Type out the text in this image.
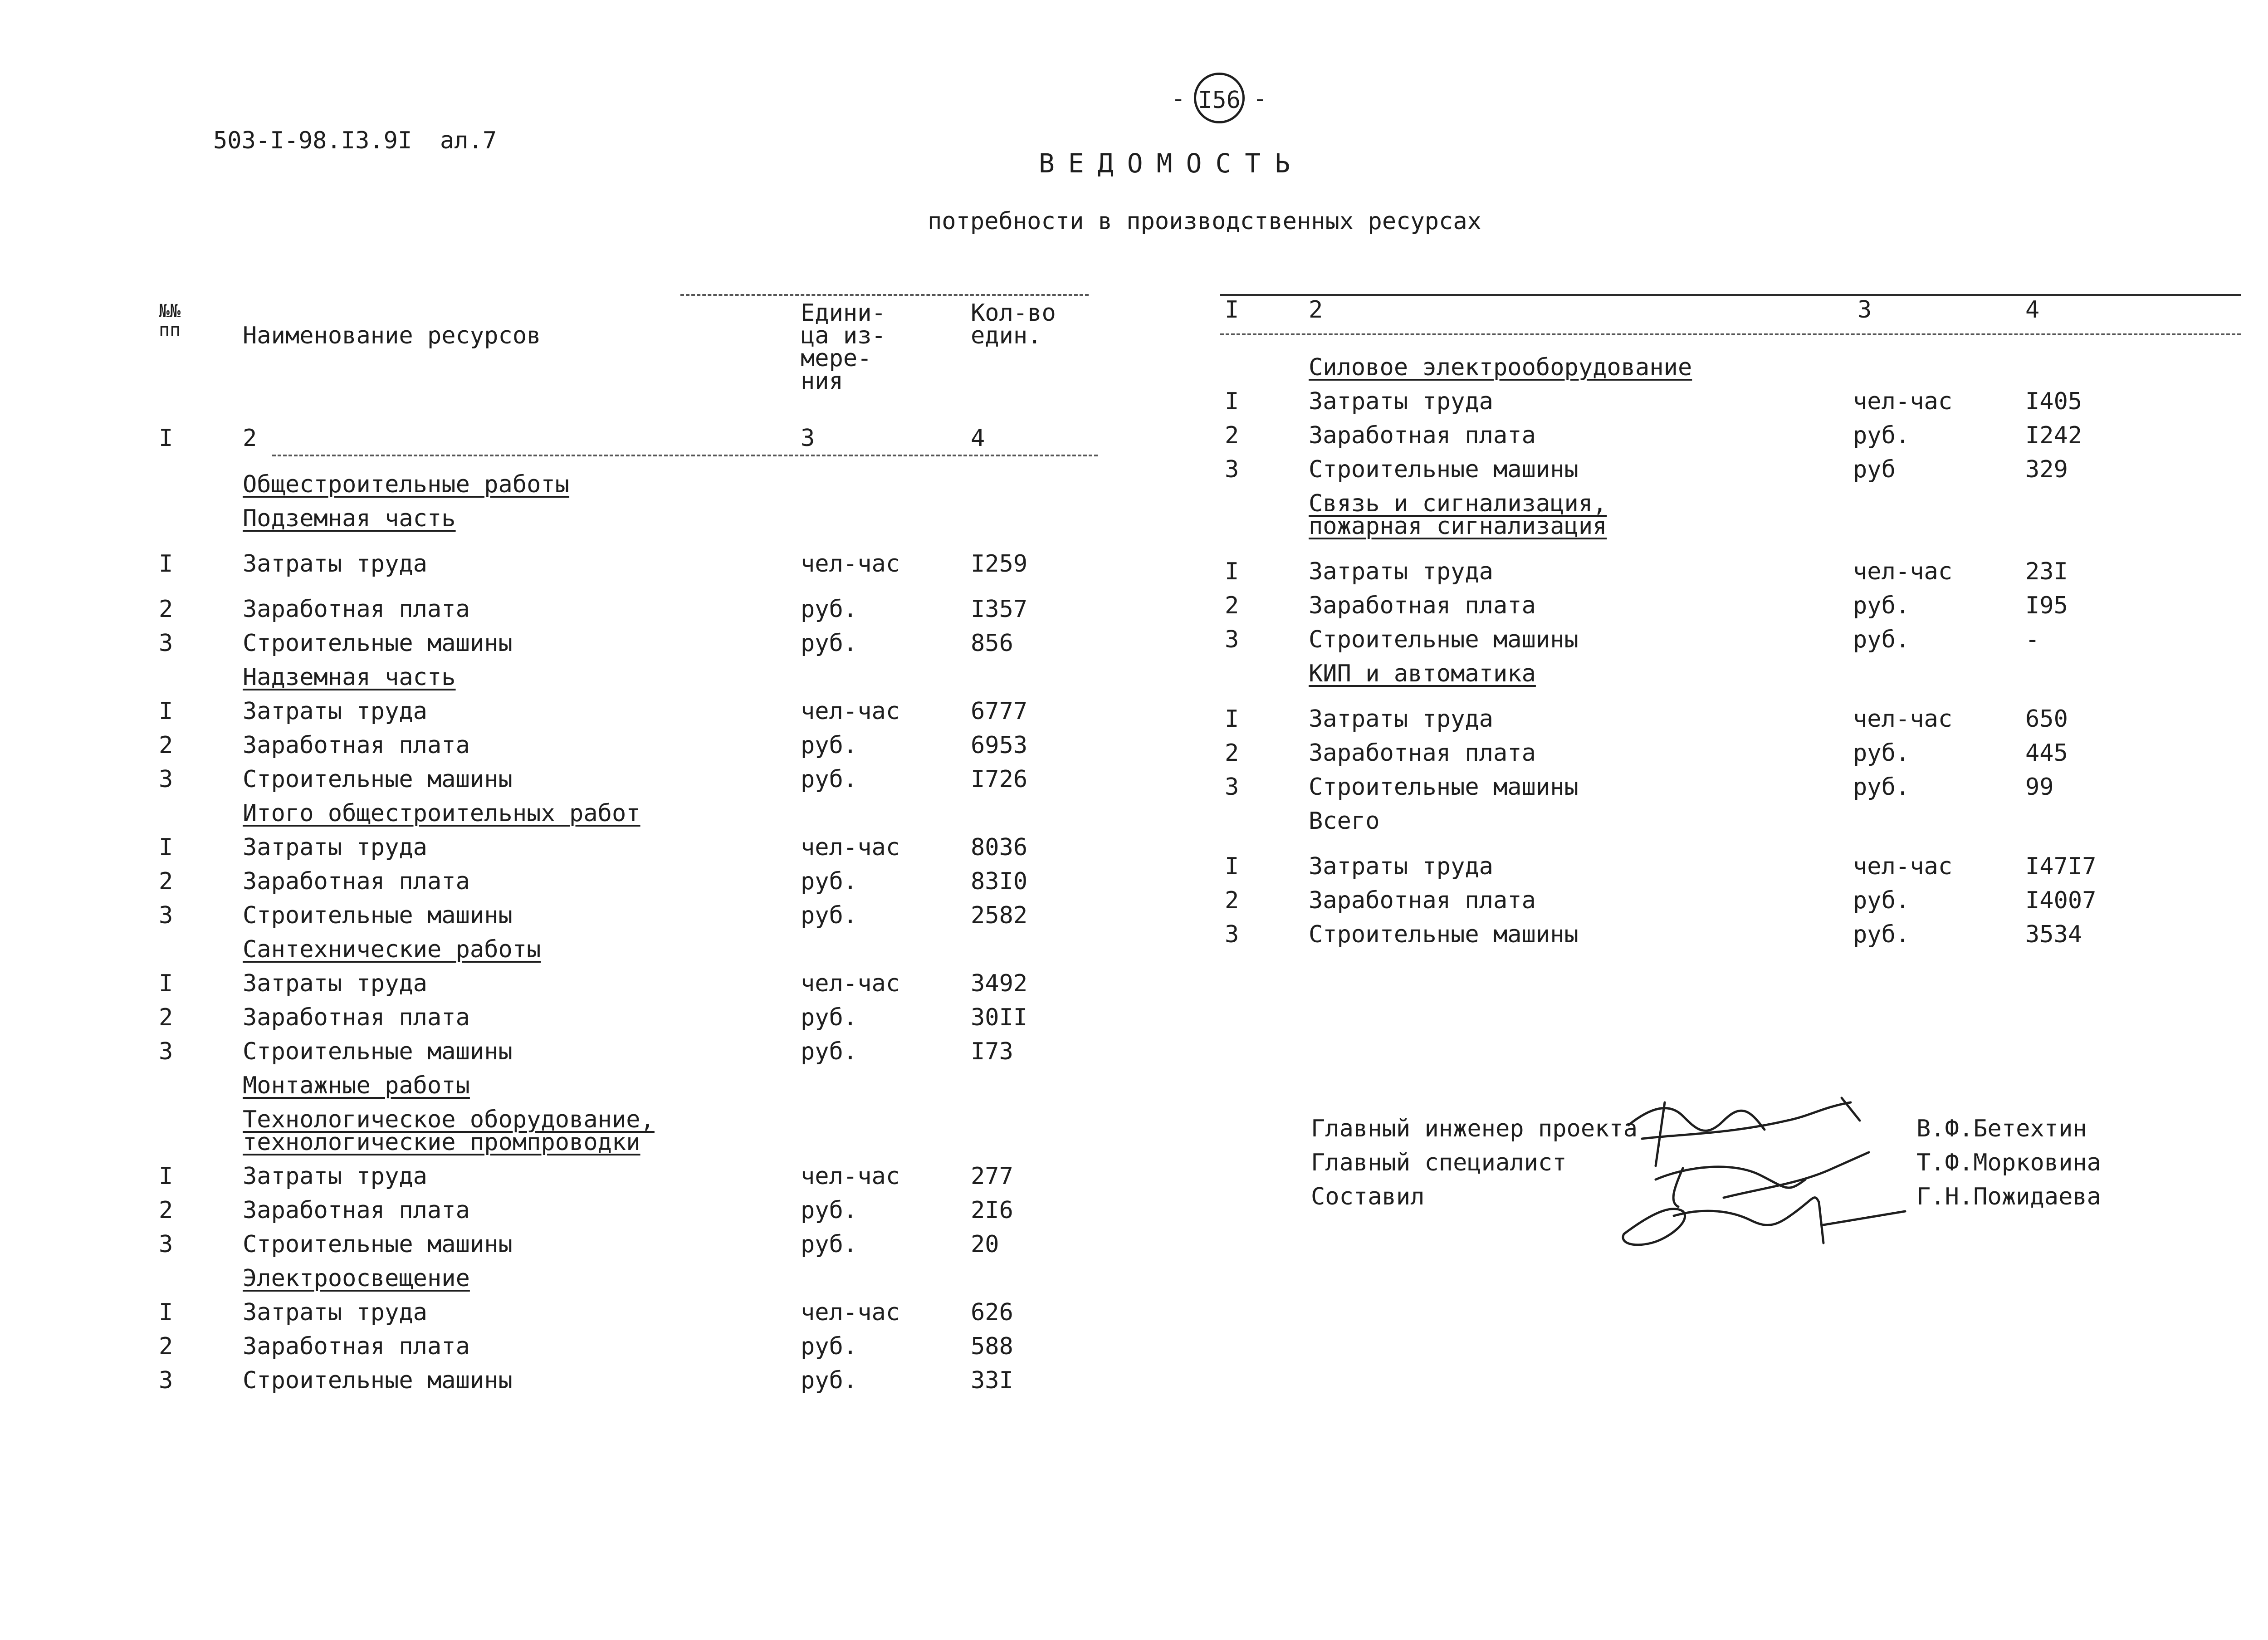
503-I-98.I3.9I ал.7
- I56 -
ВЕДОМОСТЬ
потребности в производственных ресурсах
№№
пп	Наименование ресурсов
Едини-
ца из-
мере-
ния
Кол-во
един.
I	2	3	4
Общестроительные работы
Подземная часть
I	Затраты труда	чел-час	I259
2	Заработная плата	руб.	I357
3	Строительные машины	руб.	856
Надземная часть
I	Затраты труда	чел-час	6777
2	Заработная плата	руб.	6953
3	Строительные машины	руб.	I726
Итого общестроительных работ
I	Затраты труда	чел-час	8036
2	Заработная плата	руб.	83I0
3	Строительные машины	руб.	2582
Сантехнические работы
I	Затраты труда	чел-час	3492
2	Заработная плата	руб.	30II
3	Строительные машины	руб.	I73
Монтажные работы
Технологическое оборудование,
технологические промпроводки
I	Затраты труда	чел-час	277
2	Заработная плата	руб.	2I6
3	Строительные машины	руб.	20
Электроосвещение
I	Затраты труда	чел-час	626
2	Заработная плата	руб.	588
3	Строительные машины	руб.	33I
I	2	3	4
Силовое электрооборудование
I	Затраты труда	чел-час	I405
2	Заработная плата	руб.	I242
3	Строительные машины	руб	329
Связь и сигнализация,
пожарная сигнализация
I	Затраты труда	чел-час	23I
2	Заработная плата	руб.	I95
3	Строительные машины	руб.	-
КИП и автоматика
I	Затраты труда	чел-час	650
2	Заработная плата	руб.	445
3	Строительные машины	руб.	99
Всего
I	Затраты труда	чел-час	I47I7
2	Заработная плата	руб.	I4007
3	Строительные машины	руб.	3534
Главный инженер проекта	В.Ф.Бетехтин
Главный специалист	Т.Ф.Морковина
Составил	Г.Н.Пожидаева
